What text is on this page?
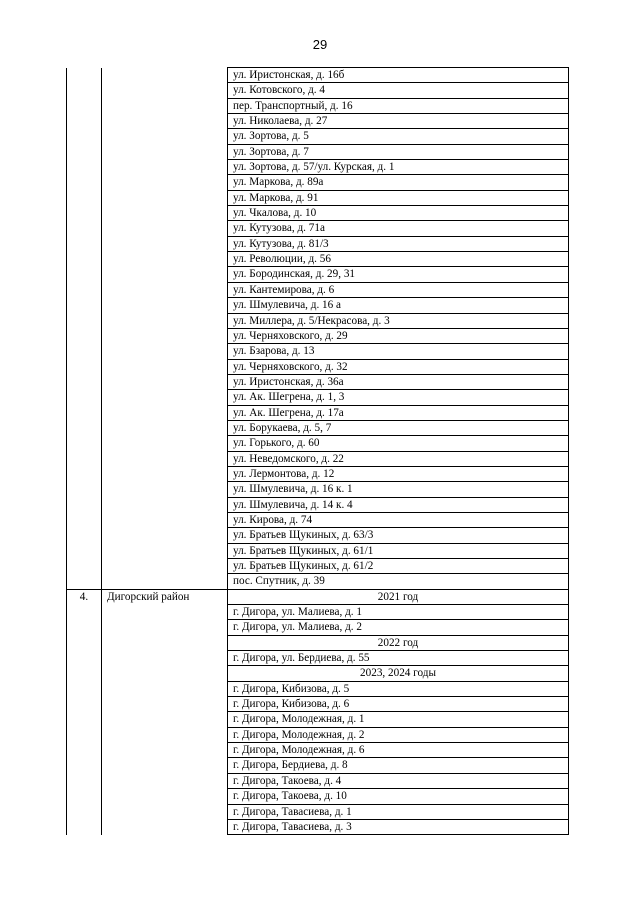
29
		ул. Иристонская, д. 16б
		ул. Котовского, д. 4
		пер. Транспортный, д. 16
		ул. Николаева, д. 27
		ул. Зортова, д. 5
		ул. Зортова, д. 7
		ул. Зортова, д. 57/ул. Курская, д. 1
		ул. Маркова, д. 89а
		ул. Маркова, д. 91
		ул. Чкалова, д. 10
		ул. Кутузова, д. 71а
		ул. Кутузова, д. 81/3
		ул. Революции, д. 56
		ул. Бородинская, д. 29, 31
		ул. Кантемирова, д. 6
		ул. Шмулевича, д. 16 а
		ул. Миллера, д. 5/Некрасова, д. 3
		ул. Черняховского, д. 29
		ул. Бзарова, д. 13
		ул. Черняховского, д. 32
		ул. Иристонская, д. 36а
		ул. Ак. Шегрена, д. 1, 3
		ул. Ак. Шегрена, д. 17а
		ул. Борукаева, д. 5, 7
		ул. Горького, д. 60
		ул. Неведомского, д. 22
		ул. Лермонтова, д. 12
		ул. Шмулевича, д. 16 к. 1
		ул. Шмулевича, д. 14 к. 4
		ул. Кирова, д. 74
		ул. Братьев Щукиных, д. 63/3
		ул. Братьев Щукиных, д. 61/1
		ул. Братьев Щукиных, д. 61/2
		пос. Спутник, д. 39
4.	Дигорский район	2021 год
		г. Дигора, ул. Малиева, д. 1
		г. Дигора, ул. Малиева, д. 2
		2022 год
		г. Дигора, ул. Бердиева, д. 55
		2023, 2024 годы
		г. Дигора, Кибизова, д. 5
		г. Дигора, Кибизова, д. 6
		г. Дигора, Молодежная, д. 1
		г. Дигора, Молодежная, д. 2
		г. Дигора, Молодежная, д. 6
		г. Дигора, Бердиева, д. 8
		г. Дигора, Такоева, д. 4
		г. Дигора, Такоева, д. 10
		г. Дигора, Тавасиева, д. 1
		г. Дигора, Тавасиева, д. 3
